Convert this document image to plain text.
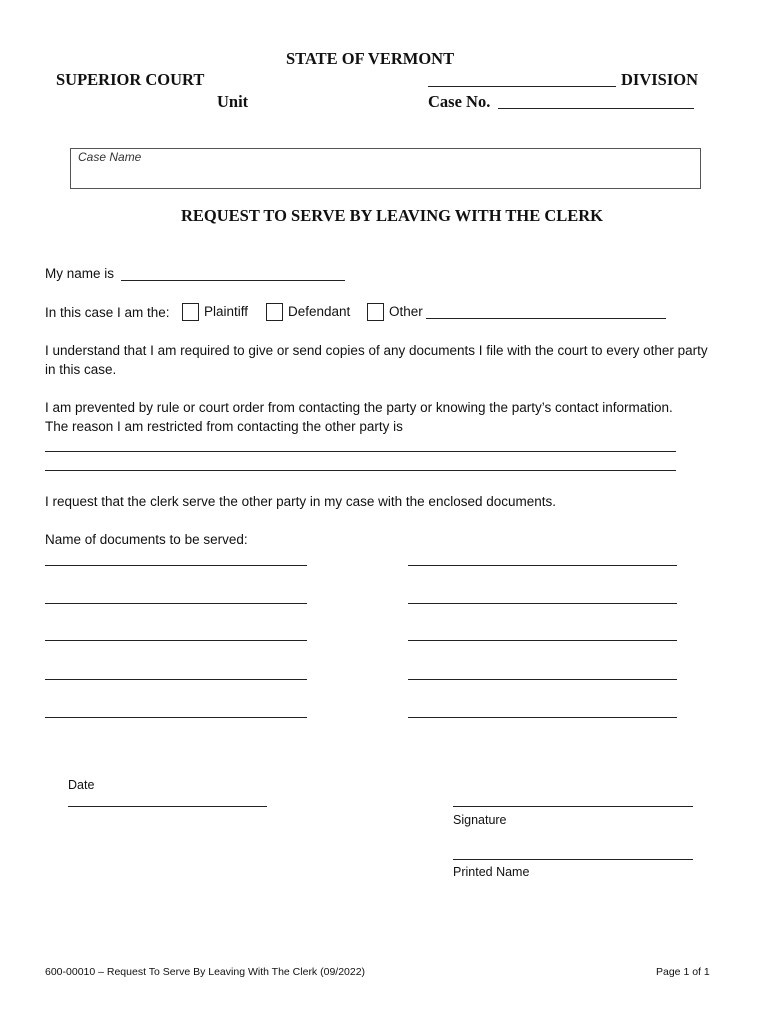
STATE OF VERMONT
SUPERIOR COURT	DIVISION
Unit	Case No.
Case Name
REQUEST TO SERVE BY LEAVING WITH THE CLERK
My name is
In this case I am the:	Plaintiff	Defendant	Other
I understand that I am required to give or send copies of any documents I file with the court to every other party in this case.
I am prevented by rule or court order from contacting the party or knowing the party’s contact information.
The reason I am restricted from contacting the other party is
I request that the clerk serve the other party in my case with the enclosed documents.
Name of documents to be served:
Date
Signature
Printed Name
600-00010 – Request To Serve By Leaving With The Clerk (09/2022)	Page 1 of 1
